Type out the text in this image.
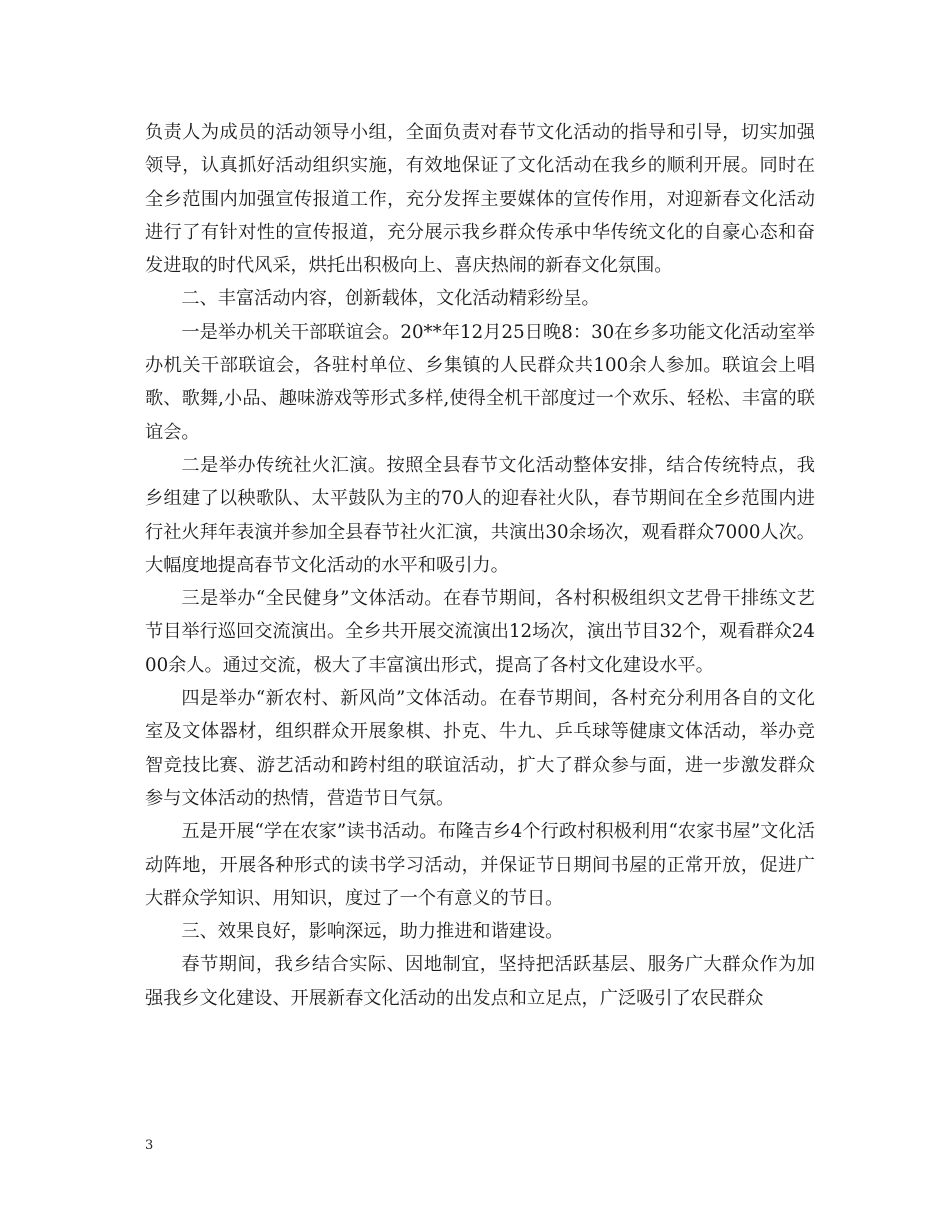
负责人为成员的活动领导小组，全面负责对春节文化活动的指导和引导，切实加强领导，认真抓好活动组织实施，有效地保证了文化活动在我乡的顺利开展。同时在全乡范围内加强宣传报道工作，充分发挥主要媒体的宣传作用，对迎新春文化活动进行了有针对性的宣传报道，充分展示我乡群众传承中华传统文化的自豪心态和奋发进取的时代风采，烘托出积极向上、喜庆热闹的新春文化氛围。

二、丰富活动内容，创新载体，文化活动精彩纷呈。

一是举办机关干部联谊会。20**年12月25日晚8：30在乡多功能文化活动室举办机关干部联谊会，各驻村单位、乡集镇的人民群众共100余人参加。联谊会上唱歌、歌舞,小品、趣味游戏等形式多样,使得全机干部度过一个欢乐、轻松、丰富的联谊会。

二是举办传统社火汇演。按照全县春节文化活动整体安排，结合传统特点，我乡组建了以秧歌队、太平鼓队为主的70人的迎春社火队，春节期间在全乡范围内进行社火拜年表演并参加全县春节社火汇演，共演出30余场次，观看群众7000人次。大幅度地提高春节文化活动的水平和吸引力。

三是举办“全民健身”文体活动。在春节期间，各村积极组织文艺骨干排练文艺节目举行巡回交流演出。全乡共开展交流演出12场次，演出节目32个，观看群众2400余人。通过交流，极大了丰富演出形式，提高了各村文化建设水平。

四是举办“新农村、新风尚”文体活动。在春节期间，各村充分利用各自的文化室及文体器材，组织群众开展象棋、扑克、牛九、乒乓球等健康文体活动，举办竞智竞技比赛、游艺活动和跨村组的联谊活动，扩大了群众参与面，进一步激发群众参与文体活动的热情，营造节日气氛。

五是开展“学在农家”读书活动。布隆吉乡4个行政村积极利用“农家书屋”文化活动阵地，开展各种形式的读书学习活动，并保证节日期间书屋的正常开放，促进广大群众学知识、用知识，度过了一个有意义的节日。

三、效果良好，影响深远，助力推进和谐建设。

春节期间，我乡结合实际、因地制宜，坚持把活跃基层、服务广大群众作为加强我乡文化建设、开展新春文化活动的出发点和立足点，广泛吸引了农民群众

3
